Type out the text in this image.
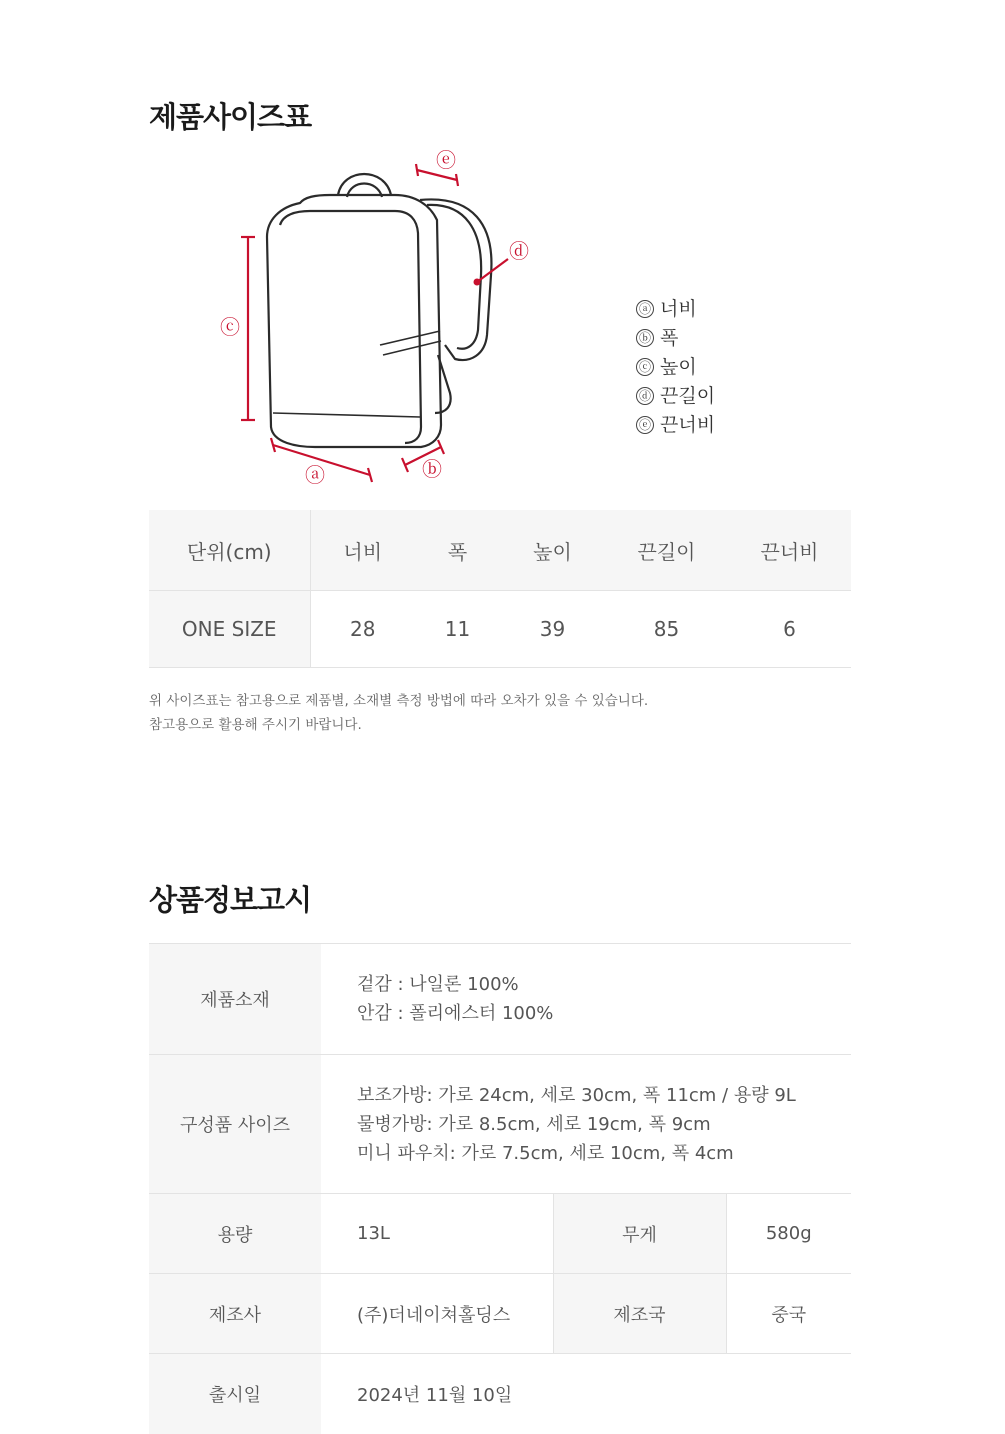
제품사이즈표
ⓐ	ⓑ
ⓒ
ⓓ
ⓔ
ⓐ 너비
ⓑ 폭
ⓒ 높이
ⓓ 끈길이
ⓔ 끈너비
단위(cm)	너비	폭	높이	끈길이	끈너비
ONE SIZE	28	11	39	85	6

위 사이즈표는 참고용으로 제품별, 소재별 측정 방법에 따라 오차가 있을 수 있습니다.

참고용으로 활용해 주시기 바랍니다.

상품정보고시
제품소재	겉감 : 나일론 100%
안감 : 폴리에스터 100%		

구성품 사이즈	보조가방: 가로 24cm, 세로 30cm, 폭 11cm / 용량 9L
물병가방: 가로 8.5cm, 세로 19cm, 폭 9cm
미니 파우치: 가로 7.5cm, 세로 10cm, 폭 4cm		

용량	13L	무게	580g
제조사	(주)더네이쳐홀딩스	제조국	중국
출시일	2024년 11월 10일		
